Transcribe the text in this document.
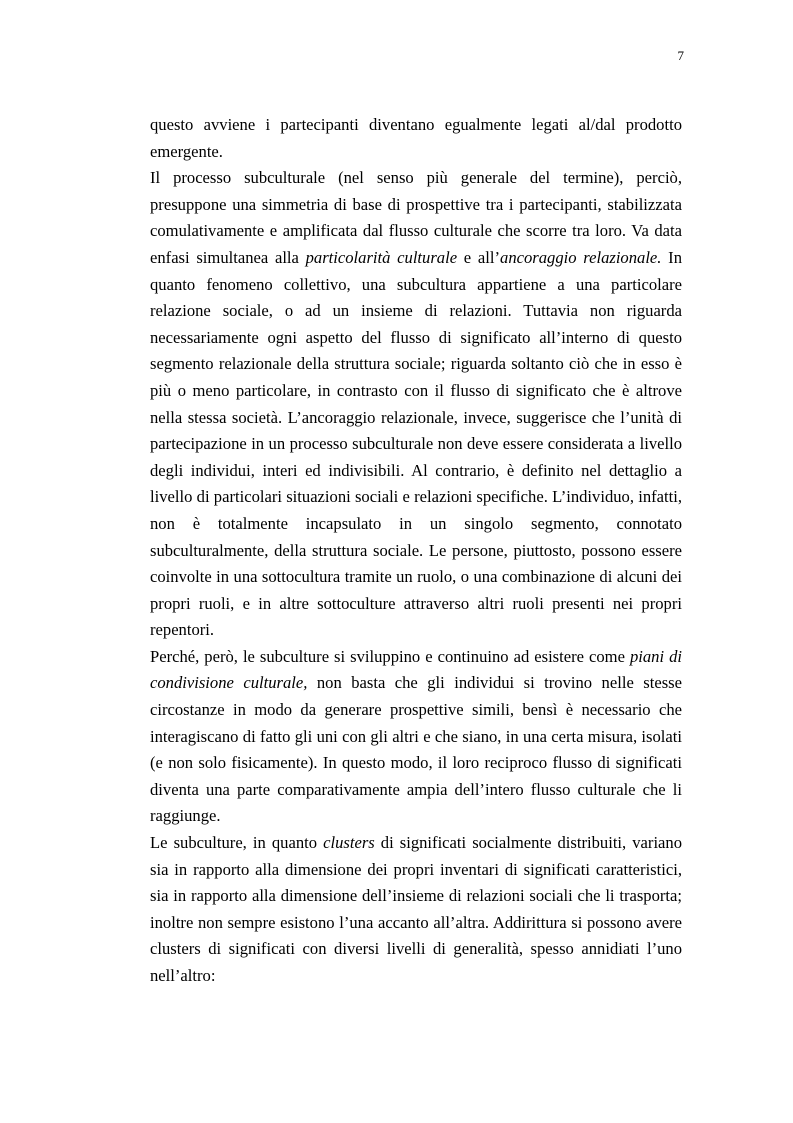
7

questo avviene i partecipanti diventano egualmente legati al/dal prodotto emergente.

Il processo subculturale (nel senso più generale del termine), perciò, presuppone una simmetria di base di prospettive tra i partecipanti, stabilizzata comulativamente e amplificata dal flusso culturale che scorre tra loro. Va data enfasi simultanea alla particolarità culturale e all’ancoraggio relazionale. In quanto fenomeno collettivo, una subcultura appartiene a una particolare relazione sociale, o ad un insieme di relazioni. Tuttavia non riguarda necessariamente ogni aspetto del flusso di significato all’interno di questo segmento relazionale della struttura sociale; riguarda soltanto ciò che in esso è più o meno particolare, in contrasto con il flusso di significato che è altrove nella stessa società. L’ancoraggio relazionale, invece, suggerisce che l’unità di partecipazione in un processo subculturale non deve essere considerata a livello degli individui, interi ed indivisibili. Al contrario, è definito nel dettaglio a livello di particolari situazioni sociali e relazioni specifiche. L’individuo, infatti, non è totalmente incapsulato in un singolo segmento, connotato subculturalmente, della struttura sociale. Le persone, piuttosto, possono essere coinvolte in una sottocultura tramite un ruolo, o una combinazione di alcuni dei propri ruoli, e in altre sottoculture attraverso altri ruoli presenti nei propri repentori.

Perché, però, le subculture si sviluppino e continuino ad esistere come piani di condivisione culturale, non basta che gli individui si trovino nelle stesse circostanze in modo da generare prospettive simili, bensì è necessario che interagiscano di fatto gli uni con gli altri e che siano, in una certa misura, isolati (e non solo fisicamente). In questo modo, il loro reciproco flusso di significati diventa una parte comparativamente ampia dell’intero flusso culturale che li raggiunge.

Le subculture, in quanto clusters di significati socialmente distribuiti, variano sia in rapporto alla dimensione dei propri inventari di significati caratteristici, sia in rapporto alla dimensione dell’insieme di relazioni sociali che li trasporta; inoltre non sempre esistono l’una accanto all’altra. Addirittura si possono avere clusters di significati con diversi livelli di generalità, spesso annidiati l’uno nell’altro:
